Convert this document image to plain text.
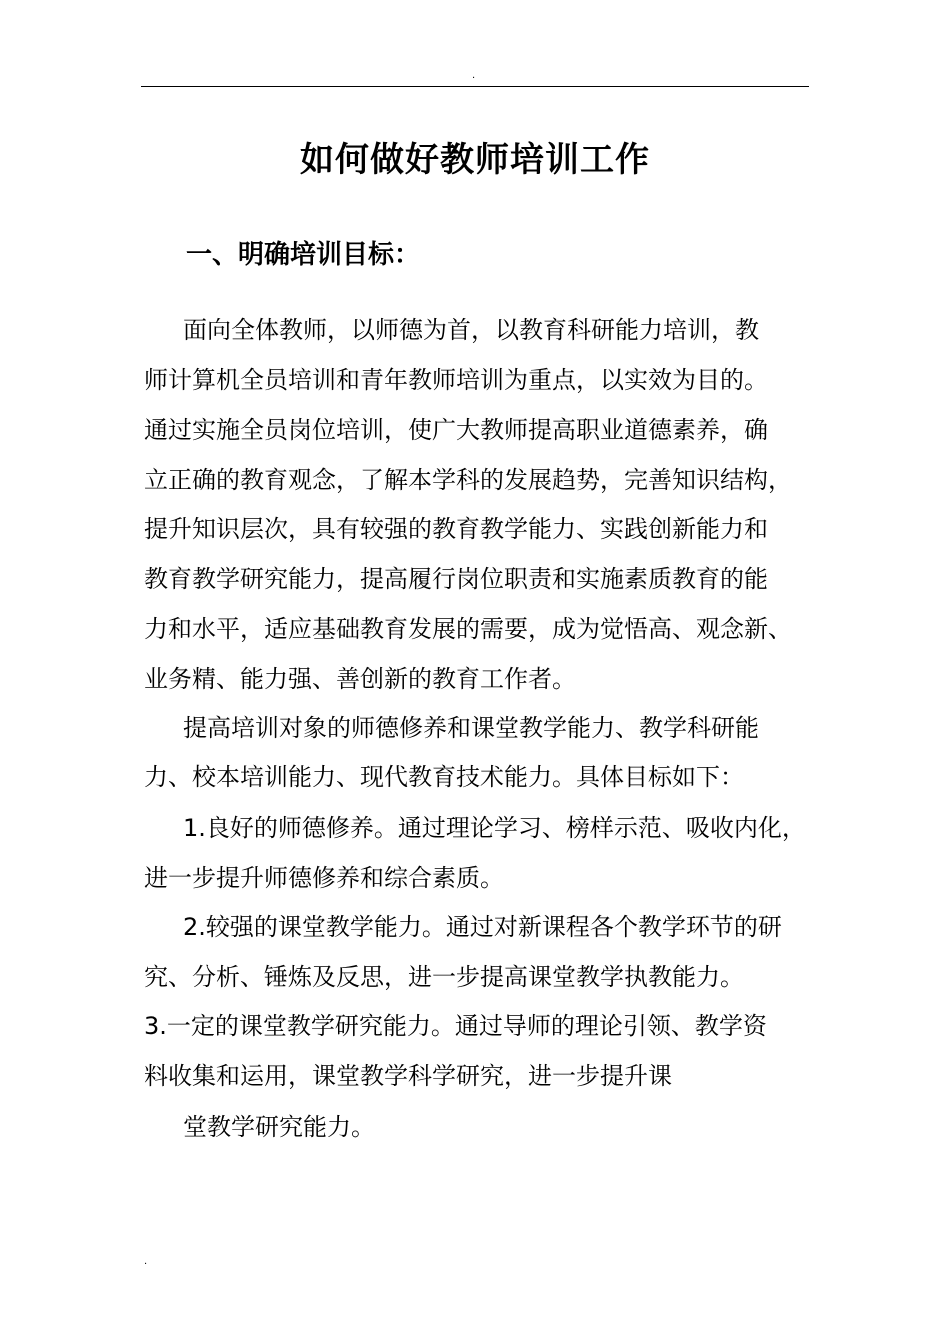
.
如何做好教师培训工作
一、明确培训目标：
面向全体教师，以师德为首，以教育科研能力培训，教
师计算机全员培训和青年教师培训为重点，以实效为目的。
通过实施全员岗位培训，使广大教师提高职业道德素养，确
立正确的教育观念，了解本学科的发展趋势，完善知识结构，
提升知识层次，具有较强的教育教学能力、实践创新能力和
教育教学研究能力，提高履行岗位职责和实施素质教育的能
力和水平，适应基础教育发展的需要，成为觉悟高、观念新、
业务精、能力强、善创新的教育工作者。
提高培训对象的师德修养和课堂教学能力、教学科研能
力、校本培训能力、现代教育技术能力。具体目标如下：
1.良好的师德修养。通过理论学习、榜样示范、吸收内化，
进一步提升师德修养和综合素质。
2.较强的课堂教学能力。通过对新课程各个教学环节的研
究、分析、锤炼及反思，进一步提高课堂教学执教能力。
3.一定的课堂教学研究能力。通过导师的理论引领、教学资
料收集和运用，课堂教学科学研究，进一步提升课
堂教学研究能力。
.
